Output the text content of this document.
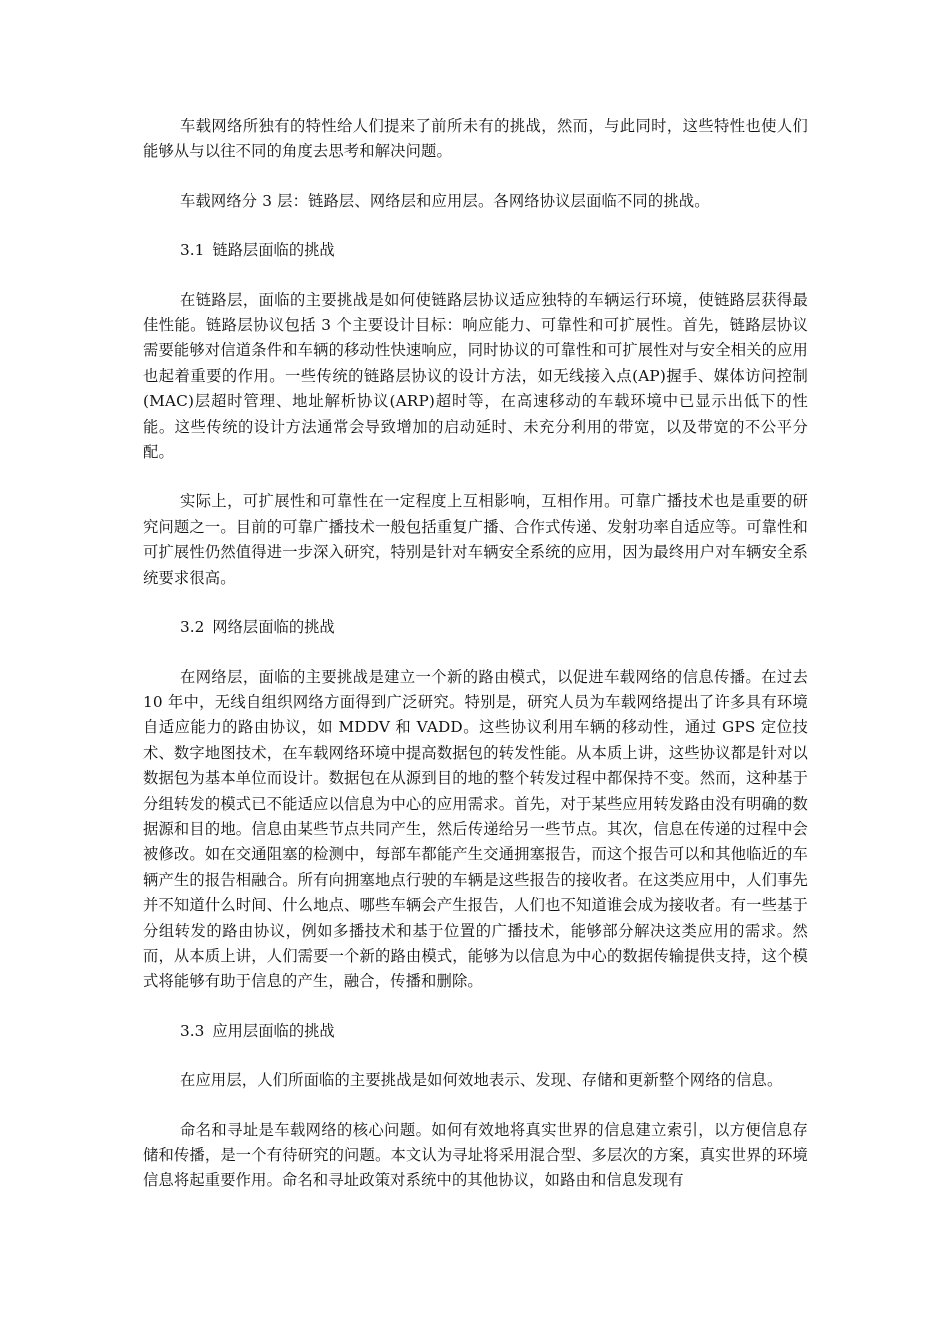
车载网络所独有的特性给人们提来了前所未有的挑战，然而，与此同时，这些特性也使人们能够从与以往不同的角度去思考和解决问题。

车载网络分 3 层：链路层、网络层和应用层。各网络协议层面临不同的挑战。

3.1 链路层面临的挑战

在链路层，面临的主要挑战是如何使链路层协议适应独特的车辆运行环境，使链路层获得最佳性能。链路层协议包括 3 个主要设计目标：响应能力、可靠性和可扩展性。首先，链路层协议需要能够对信道条件和车辆的移动性快速响应，同时协议的可靠性和可扩展性对与安全相关的应用也起着重要的作用。一些传统的链路层协议的设计方法，如无线接入点(AP)握手、媒体访问控制(MAC)层超时管理、地址解析协议(ARP)超时等，在高速移动的车载环境中已显示出低下的性能。这些传统的设计方法通常会导致增加的启动延时、未充分利用的带宽，以及带宽的不公平分配。

实际上，可扩展性和可靠性在一定程度上互相影响，互相作用。可靠广播技术也是重要的研究问题之一。目前的可靠广播技术一般包括重复广播、合作式传递、发射功率自适应等。可靠性和可扩展性仍然值得进一步深入研究，特别是针对车辆安全系统的应用，因为最终用户对车辆安全系统要求很高。

3.2 网络层面临的挑战

在网络层，面临的主要挑战是建立一个新的路由模式，以促进车载网络的信息传播。在过去 10 年中，无线自组织网络方面得到广泛研究。特别是，研究人员为车载网络提出了许多具有环境自适应能力的路由协议，如 MDDV 和 VADD。这些协议利用车辆的移动性，通过 GPS 定位技术、数字地图技术，在车载网络环境中提高数据包的转发性能。从本质上讲，这些协议都是针对以数据包为基本单位而设计。数据包在从源到目的地的整个转发过程中都保持不变。然而，这种基于分组转发的模式已不能适应以信息为中心的应用需求。首先，对于某些应用转发路由没有明确的数据源和目的地。信息由某些节点共同产生，然后传递给另一些节点。其次，信息在传递的过程中会被修改。如在交通阻塞的检测中，每部车都能产生交通拥塞报告，而这个报告可以和其他临近的车辆产生的报告相融合。所有向拥塞地点行驶的车辆是这些报告的接收者。在这类应用中，人们事先并不知道什么时间、什么地点、哪些车辆会产生报告，人们也不知道谁会成为接收者。有一些基于分组转发的路由协议，例如多播技术和基于位置的广播技术，能够部分解决这类应用的需求。然而，从本质上讲，人们需要一个新的路由模式，能够为以信息为中心的数据传输提供支持，这个模式将能够有助于信息的产生，融合，传播和删除。

3.3 应用层面临的挑战

在应用层，人们所面临的主要挑战是如何效地表示、发现、存储和更新整个网络的信息。

命名和寻址是车载网络的核心问题。如何有效地将真实世界的信息建立索引，以方便信息存储和传播，是一个有待研究的问题。本文认为寻址将采用混合型、多层次的方案，真实世界的环境信息将起重要作用。命名和寻址政策对系统中的其他协议，如路由和信息发现有
